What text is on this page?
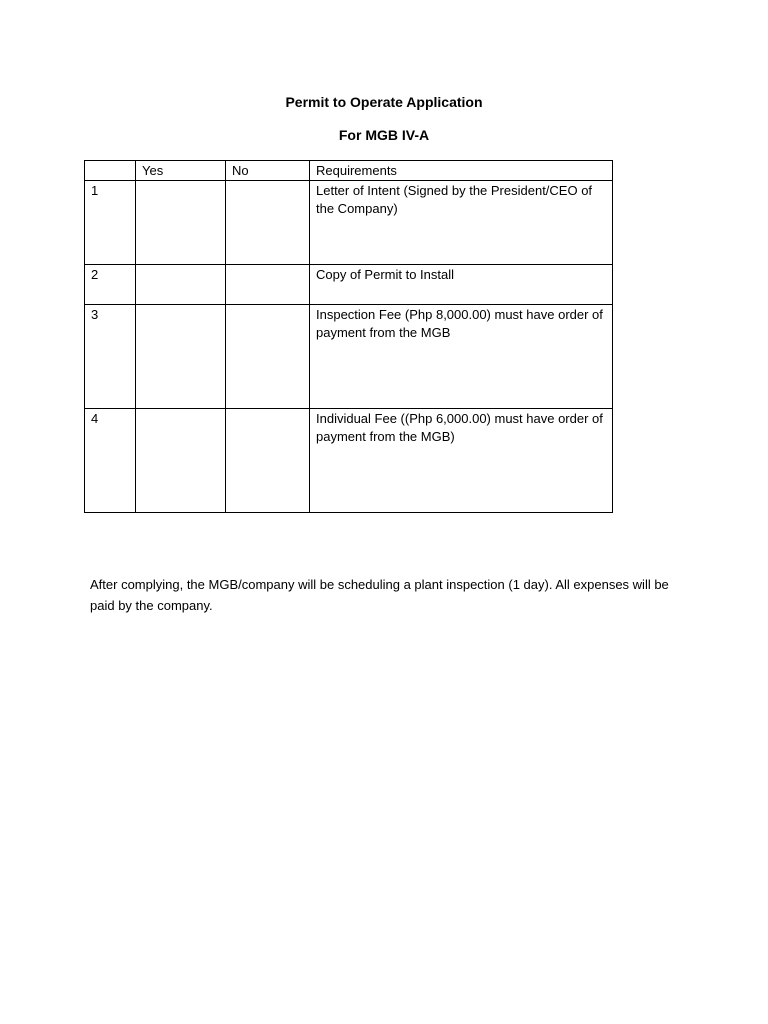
Permit to Operate Application
For MGB IV-A
	Yes	No	Requirements
1			Letter of Intent (Signed by the President/CEO of the Company)
2			Copy of Permit to Install
3			Inspection Fee (Php 8,000.00) must have order of payment from the MGB
4			Individual Fee ((Php 6,000.00) must have order of payment from the MGB)

After complying, the MGB/company will be scheduling a plant inspection (1 day). All expenses will be paid by the company.
